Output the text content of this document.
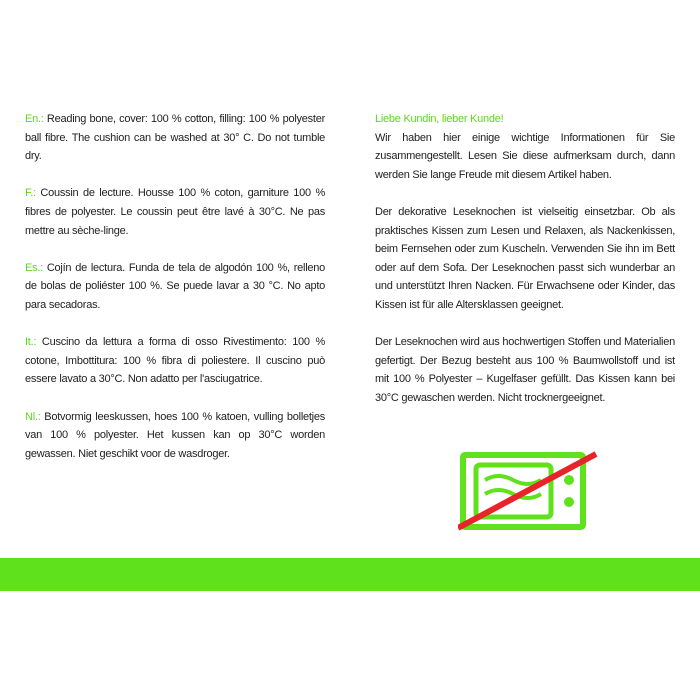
En.: Reading bone, cover: 100 % cotton, filling: 100 % polyester ball fibre. The cushion can be washed at 30° C. Do not tumble dry.

F.: Coussin de lecture. Housse 100 % coton, garniture 100 % fibres de polyester. Le coussin peut être lavé à 30°C. Ne pas mettre au sèche-linge.

Es.: Cojín de lectura. Funda de tela de algodón 100 %, relleno de bolas de poliéster 100 %. Se puede lavar a 30 °C. No apto para secadoras.

It.: Cuscino da lettura a forma di osso Rivestimento: 100 % cotone, Imbottitura: 100 % fibra di poliestere. Il cuscino può essere lavato a 30°C. Non adatto per l'asciugatrice.

Nl.: Botvormig leeskussen, hoes 100 % katoen, vulling bolletjes van 100 % polyester. Het kussen kan op 30°C worden gewassen. Niet geschikt voor de wasdroger.

Liebe Kundin, lieber Kunde!
Wir haben hier einige wichtige Informationen für Sie zusammengestellt. Lesen Sie diese aufmerksam durch, dann werden Sie lange Freude mit diesem Artikel haben.

Der dekorative Leseknochen ist vielseitig einsetzbar. Ob als praktisches Kissen zum Lesen und Relaxen, als Nackenkissen, beim Fernsehen oder zum Kuscheln. Verwenden Sie ihn im Bett oder auf dem Sofa. Der Leseknochen passt sich wunderbar an und unterstützt Ihren Nacken. Für Erwachsene oder Kinder, das Kissen ist für alle Altersklassen geeignet.

Der Leseknochen wird aus hochwertigen Stoffen und Materialien gefertigt. Der Bezug besteht aus 100 % Baumwollstoff und ist mit 100 % Polyester – Kugelfaser gefüllt. Das Kissen kann bei 30°C gewaschen werden. Nicht trocknergeeignet.
